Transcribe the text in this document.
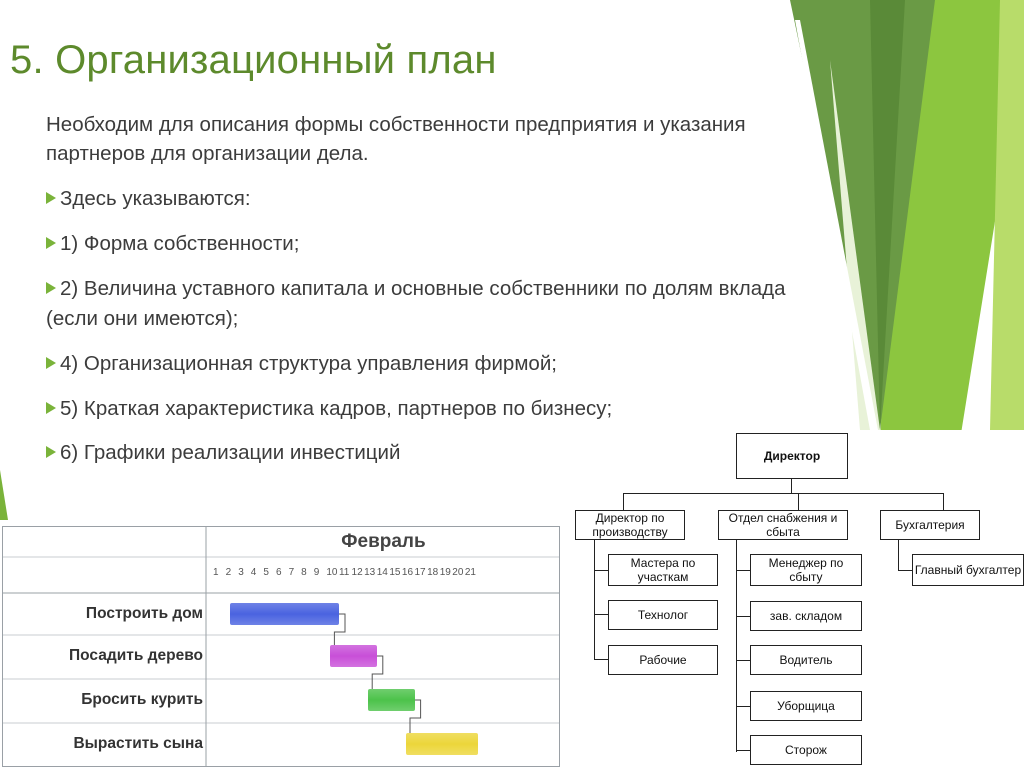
5. Организационный план
Необходим для описания формы собственности предприятия и указания партнеров для организации дела.
Здесь указываются:
1) Форма собственности;
2) Величина уставного капитала и основные собственники по долям вклада (если они имеются);
4) Организационная структура управления фирмой;
5) Краткая характеристика кадров, партнеров по бизнесу;
6) Графики реализации инвестиций
Февраль
1 2 3 4 5 6 7 8 9 1011 12131415161718192021
Построить дом
Посадить дерево
Бросить курить
Вырастить сына
Директор
Директор по производству
Отдел снабжения и сбыта	Бухгалтерия
Мастера по участкам
Технолог
Рабочие
Менеджер по сбыту
зав. складом
Водитель
Уборщица
Сторож
Главный бухгалтер
